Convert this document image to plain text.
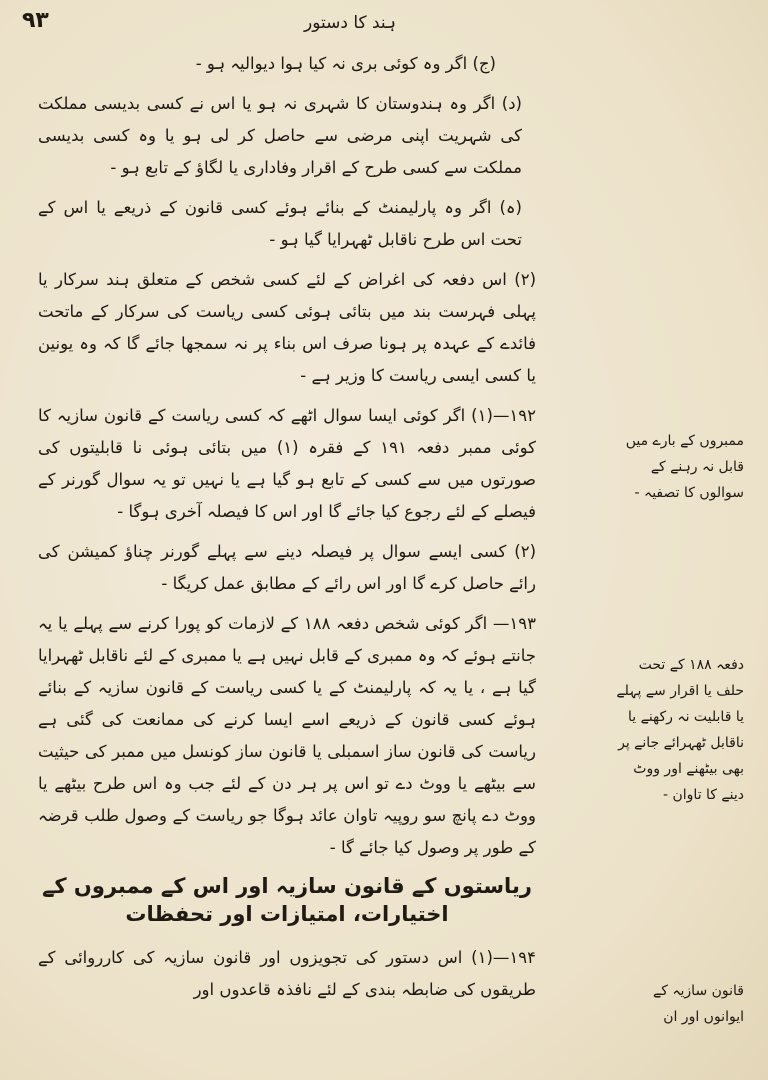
۹۳	ہند کا دستور

(ج) اگر وہ کوئی بری نہ کیا ہوا دیوالیہ ہو -

(د) اگر وہ ہندوستان کا شہری نہ ہو یا اس نے کسی بدیسی مملکت کی شہریت اپنی مرضی سے حاصل کر لی ہو یا وہ کسی بدیسی مملکت سے کسی طرح کے اقرار وفاداری یا لگاؤ کے تابع ہو -

(ہ) اگر وہ پارلیمنٹ کے بنائے ہوئے کسی قانون کے ذریعے یا اس کے تحت اس طرح ناقابل ٹھہرایا گیا ہو -

(۲) اس دفعہ کی اغراض کے لئے کسی شخص کے متعلق ہند سرکار یا پہلی فہرست بند میں بتائی ہوئی کسی ریاست کی سرکار کے ماتحت فائدے کے عہدہ پر ہونا صرف اس بناء پر نہ سمجھا جائے گا کہ وہ یونین یا کسی ایسی ریاست کا وزیر ہے -

۱۹۲—(۱) اگر کوئی ایسا سوال اٹھے کہ کسی ریاست کے قانون سازیہ کا کوئی ممبر دفعہ ۱۹۱ کے فقرہ (۱) میں بتائی ہوئی نا قابلیتوں کی صورتوں میں سے کسی کے تابع ہو گیا ہے یا نہیں تو یہ سوال گورنر کے فیصلے کے لئے رجوع کیا جائے گا اور اس کا فیصلہ آخری ہوگا -

(۲) کسی ایسے سوال پر فیصلہ دینے سے پہلے گورنر چناؤ کمیشن کی رائے حاصل کرے گا اور اس رائے کے مطابق عمل کریگا -

۱۹۳— اگر کوئی شخص دفعہ ۱۸۸ کے لازمات کو پورا کرنے سے پہلے یا یہ جانتے ہوئے کہ وہ ممبری کے قابل نہیں ہے یا ممبری کے لئے ناقابل ٹھہرایا گیا ہے ، یا یہ کہ پارلیمنٹ کے یا کسی ریاست کے قانون سازیہ کے بنائے ہوئے کسی قانون کے ذریعے اسے ایسا کرنے کی ممانعت کی گئی ہے ریاست کی قانون ساز اسمبلی یا قانون ساز کونسل میں ممبر کی حیثیت سے بیٹھے یا ووٹ دے تو اس پر ہر دن کے لئے جب وہ اس طرح بیٹھے یا ووٹ دے پانچ سو روپیہ تاوان عائد ہوگا جو ریاست کے وصول طلب قرضہ کے طور پر وصول کیا جائے گا -

ریاستوں کے قانون سازیہ اور اس کے ممبروں کے اختیارات، امتیازات اور تحفظات

۱۹۴—(۱) اس دستور کی تجویزوں اور قانون سازیہ کی کارروائی کے طریقوں کی ضابطہ بندی کے لئے نافذہ قاعدوں اور

ممبروں کے بارے میں قابل نہ رہنے کے سوالوں کا تصفیہ -
دفعہ ۱۸۸ کے تحت حلف یا اقرار سے پہلے یا قابلیت نہ رکھنے یا ناقابل ٹھہرائے جانے پر بھی بیٹھنے اور ووٹ دینے کا تاوان -
قانون سازیہ کے ایوانوں اور ان
